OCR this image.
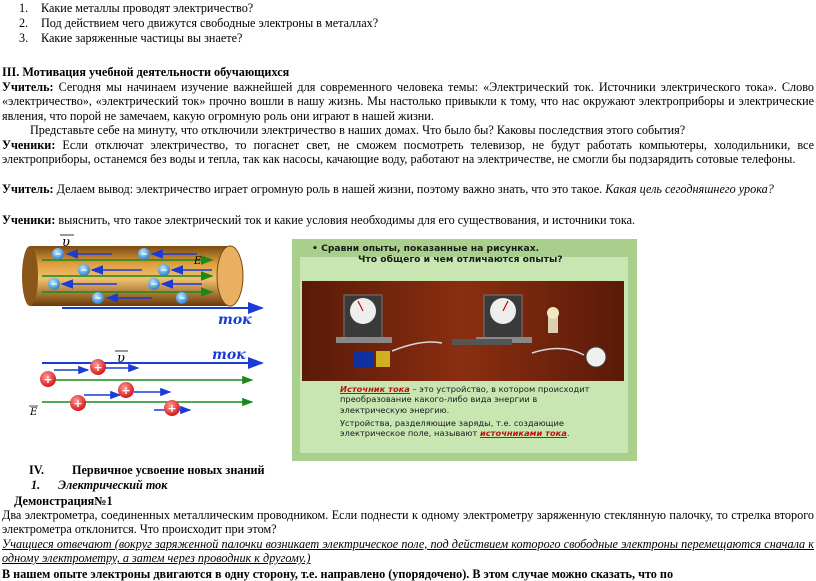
1. Какие металлы проводят электричество?
2. Под действием чего движутся свободные электроны в металлах?
3. Какие заряженные частицы вы знаете?
III. Мотивация учебной деятельности обучающихся

Учитель: Сегодня мы начинаем изучение важнейшей для современного человека темы: «Электрический ток. Источники электрического тока». Слово «электричество», «электрический ток» прочно вошли в нашу жизнь. Мы настолько привыкли к тому, что нас окружают электроприборы и электрические явления, что порой не замечаем, какую огромную роль они играют в нашей жизни.

Представьте себе на минуту, что отключили электричество в наших домах. Что было бы? Каковы последствия этого события?

Ученики: Если отключат электричество, то погаснет свет, не сможем посмотреть телевизор, не будут работать компьютеры, холодильники, все электроприборы, останемся без воды и тепла, так как насосы, качающие воду, работают на электричестве, не смогли бы подзарядить сотовые телефоны.

Учитель: Делаем вывод: электричество играет огромную роль в нашей жизни, поэтому важно знать, что это такое. Какая цель сегодняшнего урока?

Ученики: выяснить, что такое электрический ток и какие условия необходимы для его существования, и источники тока.

−	−
−	−
−	−
−	−
υ
E
ток
υ	ток
+
+
+
+	+
E
• Сравни опыты, показанные на рисунках.
Что общего и чем отличаются опыты?
Источник тока – это устройство, в котором происходит преобразование какого-либо вида энергии в электрическую энергию.
Устройства, разделяющие заряды, т.е. создающие электрическое поле, называют источниками тока.
IV. Первичное усвоение новых знаний
1. Электрический ток
Демонстрация№1

Два электрометра, соединенных металлическим проводником. Если поднести к одному электрометру заряженную стеклянную палочку, то стрелка второго электрометра отклонится. Что происходит при этом?

Учащиеся отвечают (вокруг заряженной палочки возникает электрическое поле, под действием которого свободные электроны перемещаются сначала к одному электрометру, а затем через проводник к другому.)

В нашем опыте электроны двигаются в одну сторону, т.е. направлено (упорядочено). В этом случае можно сказать, что по
